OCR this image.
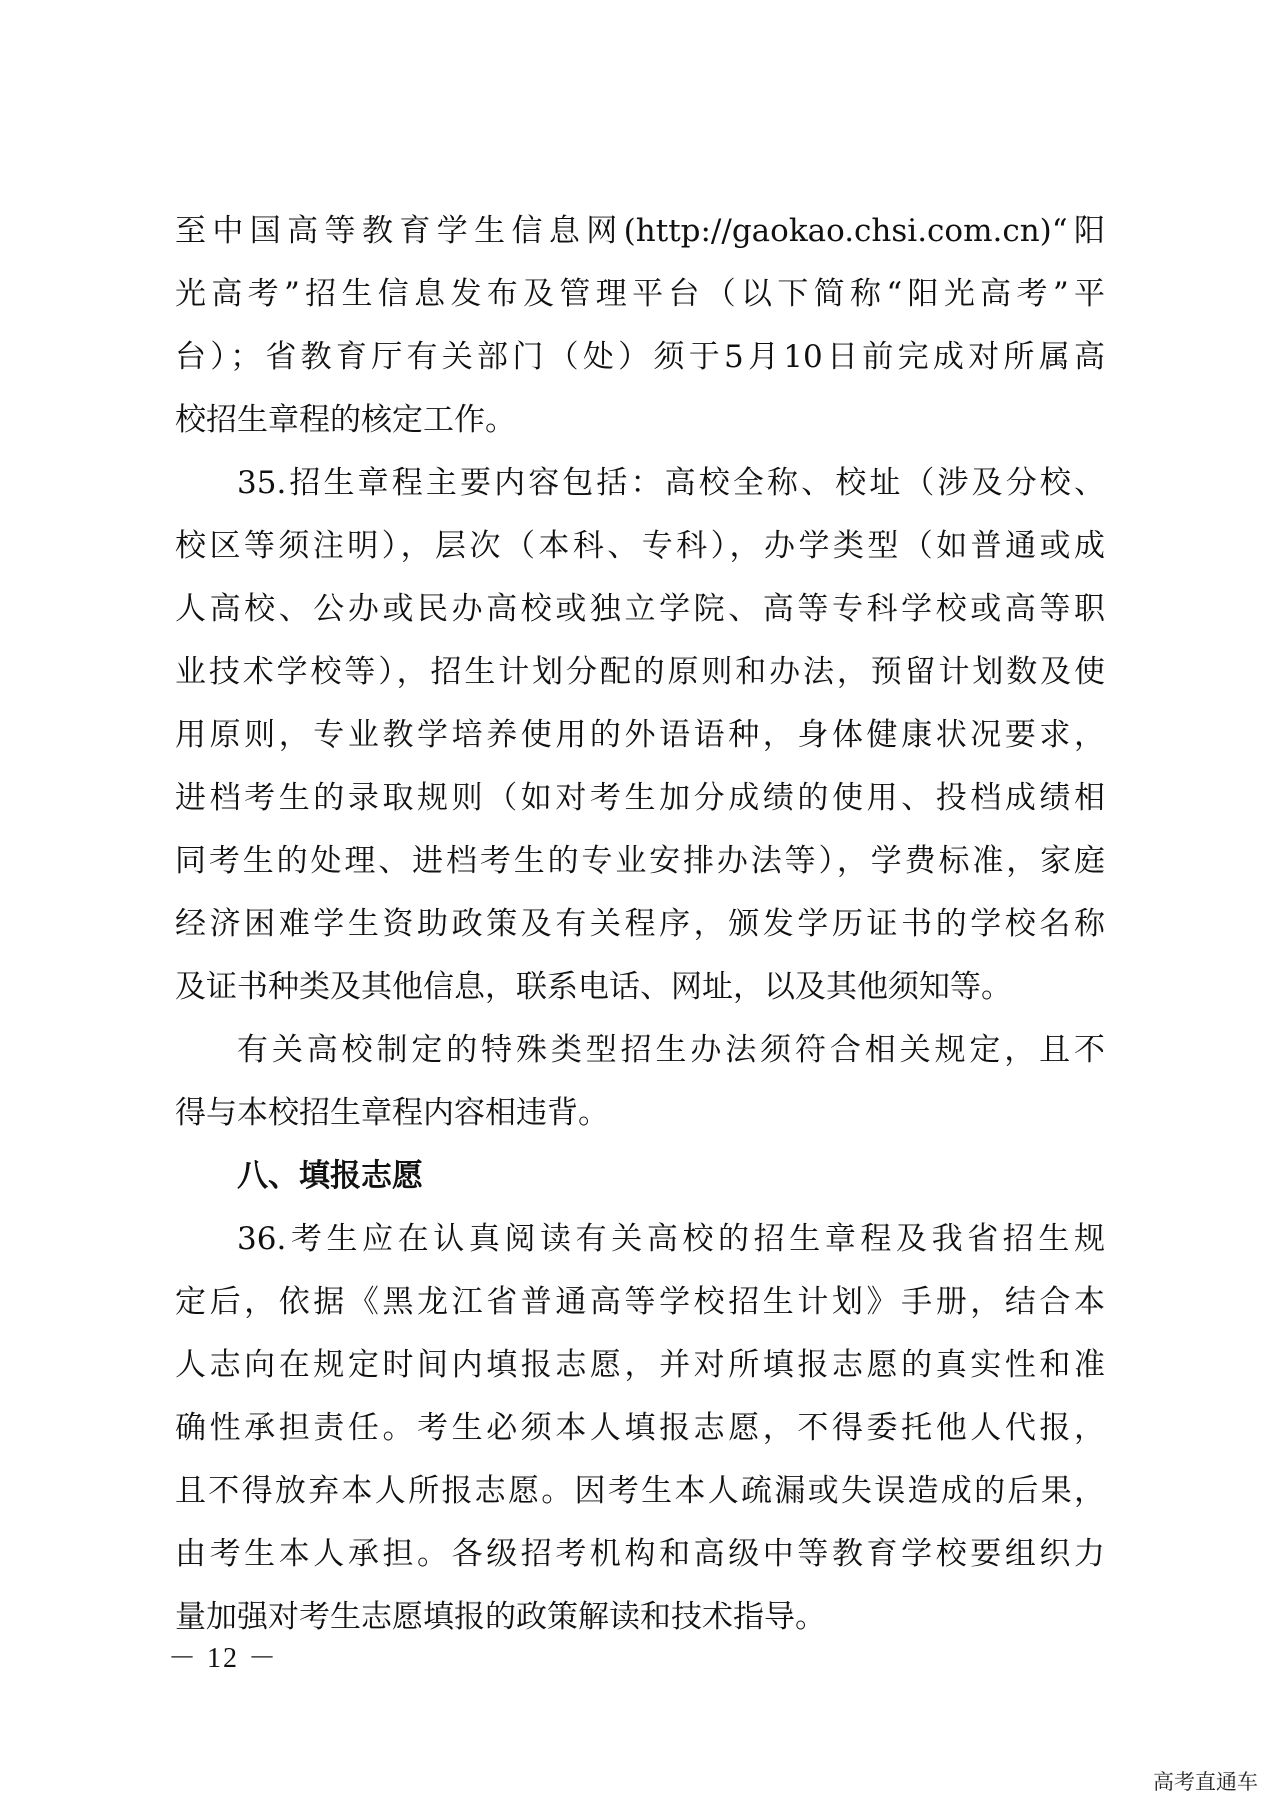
至中国高等教育学生信息网(http://gaokao.chsi.com.cn)“阳
光高考”招生信息发布及管理平台（以下简称“阳光高考”平
台）；省教育厅有关部门（处）须于5月10日前完成对所属高
校招生章程的核定工作。
35.招生章程主要内容包括：高校全称、校址（涉及分校、
校区等须注明），层次（本科、专科），办学类型（如普通或成
人高校、公办或民办高校或独立学院、高等专科学校或高等职
业技术学校等），招生计划分配的原则和办法，预留计划数及使
用原则，专业教学培养使用的外语语种，身体健康状况要求，
进档考生的录取规则（如对考生加分成绩的使用、投档成绩相
同考生的处理、进档考生的专业安排办法等），学费标准，家庭
经济困难学生资助政策及有关程序，颁发学历证书的学校名称
及证书种类及其他信息，联系电话、网址，以及其他须知等。
有关高校制定的特殊类型招生办法须符合相关规定，且不
得与本校招生章程内容相违背。
八、填报志愿
36.考生应在认真阅读有关高校的招生章程及我省招生规
定后，依据《黑龙江省普通高等学校招生计划》手册，结合本
人志向在规定时间内填报志愿，并对所填报志愿的真实性和准
确性承担责任。考生必须本人填报志愿，不得委托他人代报，
且不得放弃本人所报志愿。因考生本人疏漏或失误造成的后果，
由考生本人承担。各级招考机构和高级中等教育学校要组织力
量加强对考生志愿填报的政策解读和技术指导。
－ 12 －
高考直通车
